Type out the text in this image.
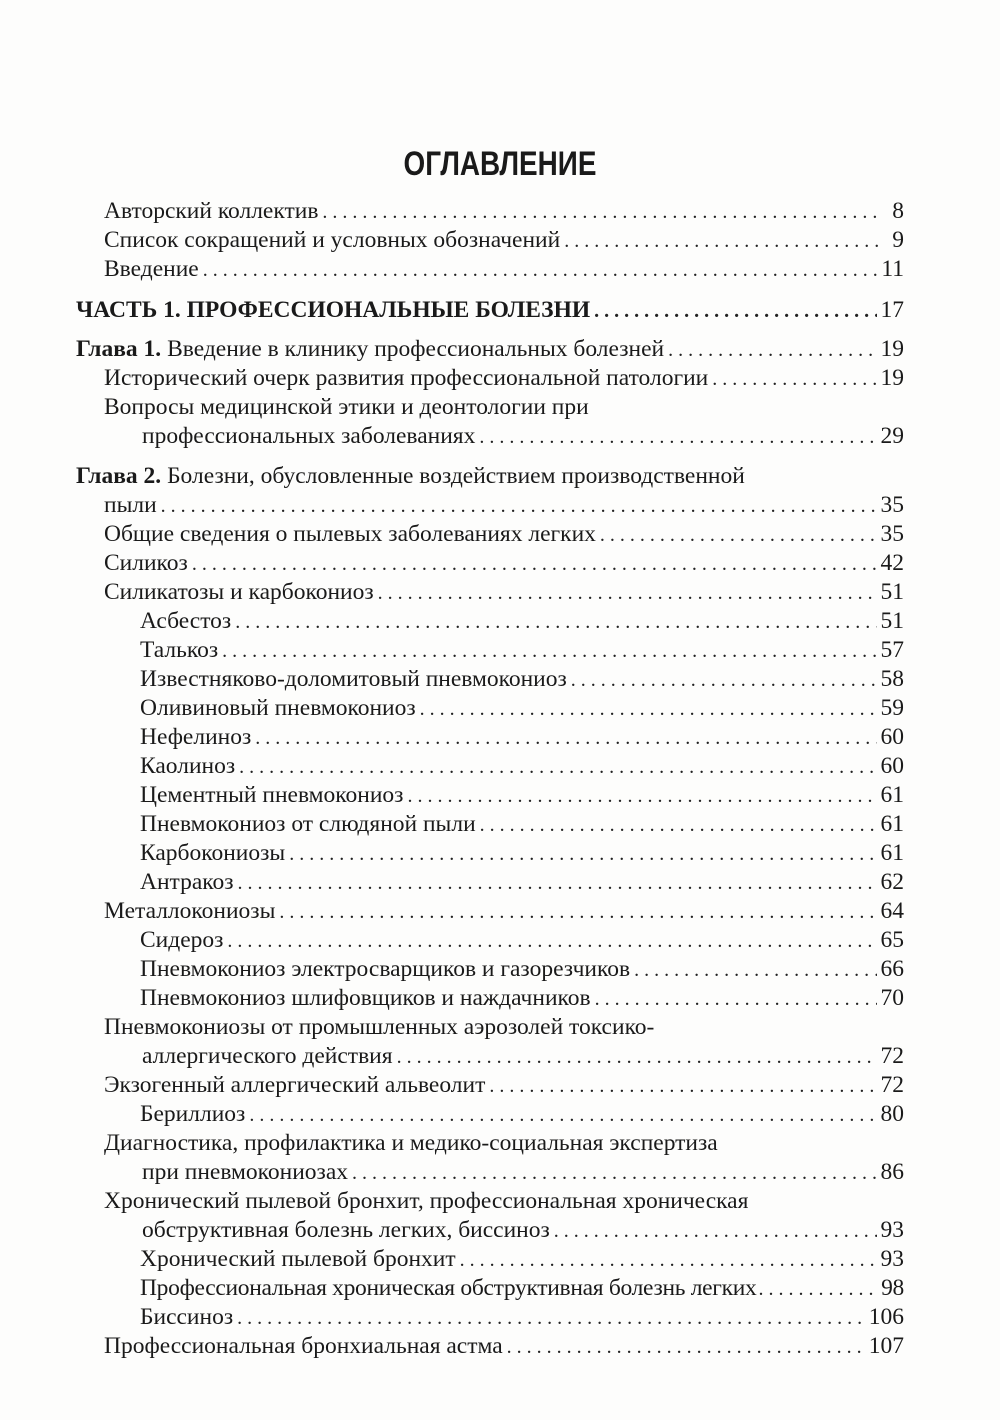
ОГЛАВЛЕНИЕ
Авторский коллектив . . .	8
Список сокращений и условных обозначений . . .	9
Введение . . .	11
ЧАСТЬ 1. ПРОФЕССИОНАЛЬНЫЕ БОЛЕЗНИ . . .	17
Глава 1. Введение в клинику профессиональных болезней . . .	19
Исторический очерк развития профессиональной патологии . . .	19
Вопросы медицинской этики и деонтологии при
профессиональных заболеваниях . . .	29
Глава 2. Болезни, обусловленные воздействием производственной
пыли . . .	35
Общие сведения о пылевых заболеваниях легких . . .	35
Силикоз . . .	42
Силикатозы и карбокониоз . . .	51
Асбестоз . . .	51
Талькоз . . .	57
Известняково-доломитовый пневмокониоз . . .	58
Оливиновый пневмокониоз . . .	59
Нефелиноз . . .	60
Каолиноз . . .	60
Цементный пневмокониоз . . .	61
Пневмокониоз от слюдяной пыли . . .	61
Карбокониозы . . .	61
Антракоз . . .	62
Металлокониозы . . .	64
Сидероз . . .	65
Пневмокониоз электросварщиков и газорезчиков . . .	66
Пневмокониоз шлифовщиков и наждачников . . .	70
Пневмокониозы от промышленных аэрозолей токсико-
аллергического действия . . .	72
Экзогенный аллергический альвеолит . . .	72
Бериллиоз . . .	80
Диагностика, профилактика и медико-социальная экспертиза
при пневмокониозах . . .	86
Хронический пылевой бронхит, профессиональная хроническая
обструктивная болезнь легких, биссиноз . . .	93
Хронический пылевой бронхит . . .	93
Профессиональная хроническая обструктивная болезнь легких . . .	98
Биссиноз . . .	106
Профессиональная бронхиальная астма . . .	107
